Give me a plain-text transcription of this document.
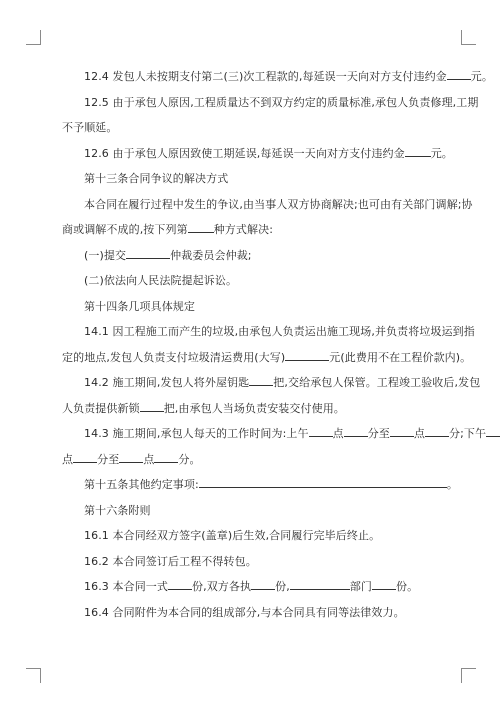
12.4 发包人未按期支付第二(三)次工程款的,每延误一天向对方支付违约金 元。

12.5 由于承包人原因,工程质量达不到双方约定的质量标准,承包人负责修理,工期

不予顺延。

12.6 由于承包人原因致使工期延误,每延误一天向对方支付违约金 元。

第十三条合同争议的解决方式

本合同在履行过程中发生的争议,由当事人双方协商解决;也可由有关部门调解;协

商或调解不成的,按下列第 种方式解决:

(一)提交	仲裁委员会仲裁;

(二)依法向人民法院提起诉讼。

第十四条几项具体规定

14.1 因工程施工而产生的垃圾,由承包人负责运出施工现场,并负责将垃圾运到指

定的地点,发包人负责支付垃圾清运费用(大写)	元(此费用不在工程价款内)。

14.2 施工期间,发包人将外屋钥匙 把,交给承包人保管。工程竣工验收后,发包

人负责提供新锁 把,由承包人当场负责安装交付使用。

14.3 施工期间,承包人每天的工作时间为:上午 点 分至 点 分;下午

点 分至 点 分。

第十五条其他约定事项:	。

第十六条附则

16.1 本合同经双方签字(盖章)后生效,合同履行完毕后终止。

16.2 本合同签订后工程不得转包。

16.3 本合同一式 份,双方各执 份,	部门 份。

16.4 合同附件为本合同的组成部分,与本合同具有同等法律效力。
